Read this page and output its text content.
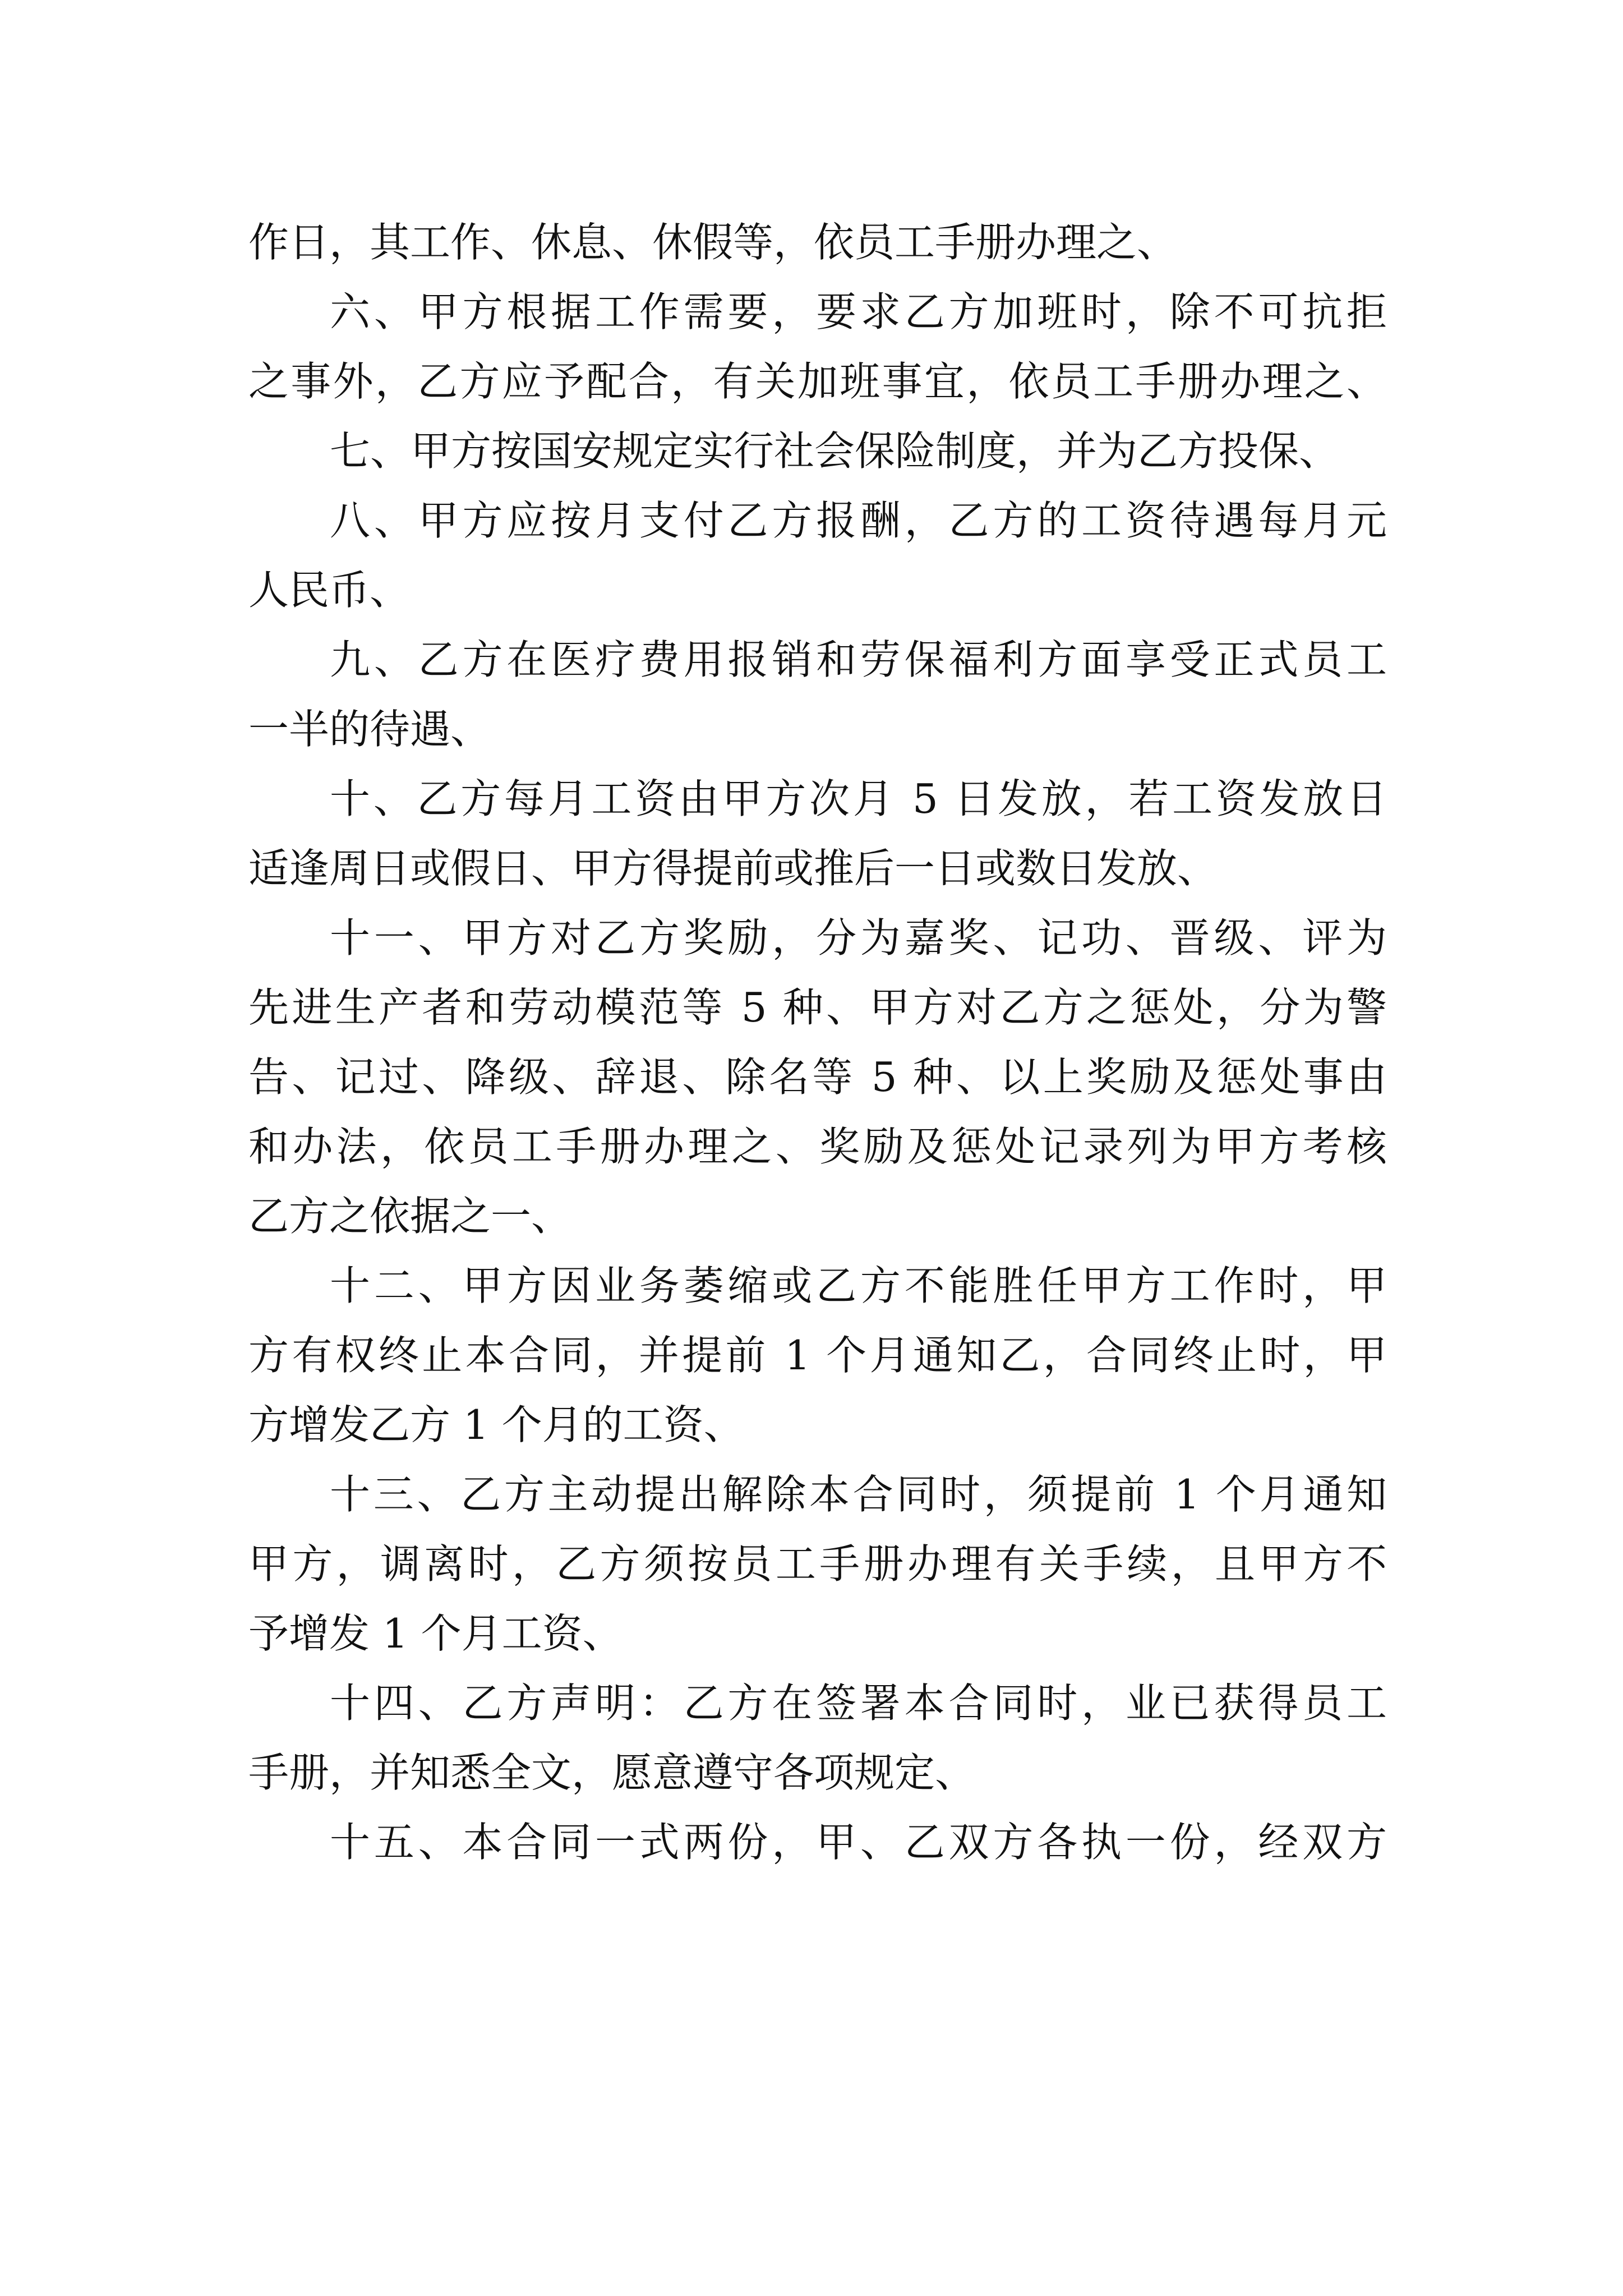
作日，其工作、休息、休假等，依员工手册办理之、
六、甲方根据工作需要，要求乙方加班时，除不可抗拒
之事外，乙方应予配合，有关加班事宜，依员工手册办理之、
七、甲方按国安规定实行社会保险制度，并为乙方投保、
八、甲方应按月支付乙方报酬，乙方的工资待遇每月元
人民币、
九、乙方在医疗费用报销和劳保福利方面享受正式员工
一半的待遇、
十、乙方每月工资由甲方次月 5 日发放，若工资发放日
适逢周日或假日、甲方得提前或推后一日或数日发放、
十一、甲方对乙方奖励，分为嘉奖、记功、晋级、评为
先进生产者和劳动模范等 5 种、甲方对乙方之惩处，分为警
告、记过、降级、辞退、除名等 5 种、以上奖励及惩处事由
和办法，依员工手册办理之、奖励及惩处记录列为甲方考核
乙方之依据之一、
十二、甲方因业务萎缩或乙方不能胜任甲方工作时，甲
方有权终止本合同，并提前 1 个月通知乙，合同终止时，甲
方增发乙方 1 个月的工资、
十三、乙方主动提出解除本合同时，须提前 1 个月通知
甲方，调离时，乙方须按员工手册办理有关手续，且甲方不
予增发 1 个月工资、
十四、乙方声明：乙方在签署本合同时，业已获得员工
手册，并知悉全文，愿意遵守各项规定、
十五、本合同一式两份，甲、乙双方各执一份，经双方
